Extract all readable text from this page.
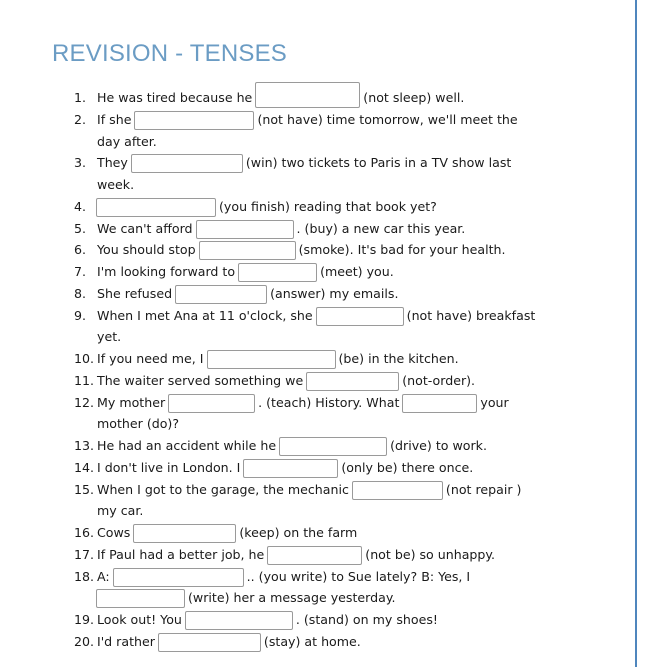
REVISION - TENSES
1. He was tired because he	(not sleep) well.
2. If she	(not have) time tomorrow, we'll meet the
day after.
3. They	(win) two tickets to Paris in a TV show last
week.
4.	(you finish) reading that book yet?
5. We can't afford	. (buy) a new car this year.
6. You should stop	(smoke). It's bad for your health.
7. I'm looking forward to	(meet) you.
8. She refused	(answer) my emails.
9. When I met Ana at 11 o'clock, she	(not have) breakfast
yet.
10. If you need me, I	(be) in the kitchen.
11. The waiter served something we	(not-order).
12. My mother	. (teach) History. What	your
mother (do)?
13. He had an accident while he	(drive) to work.
14. I don't live in London. I	(only be) there once.
15. When I got to the garage, the mechanic	(not repair )
my car.
16. Cows	(keep) on the farm
17. If Paul had a better job, he	(not be) so unhappy.
18. A:	.. (you write) to Sue lately? B: Yes, I
(write) her a message yesterday.
19. Look out! You	. (stand) on my shoes!
20. I'd rather	(stay) at home.
